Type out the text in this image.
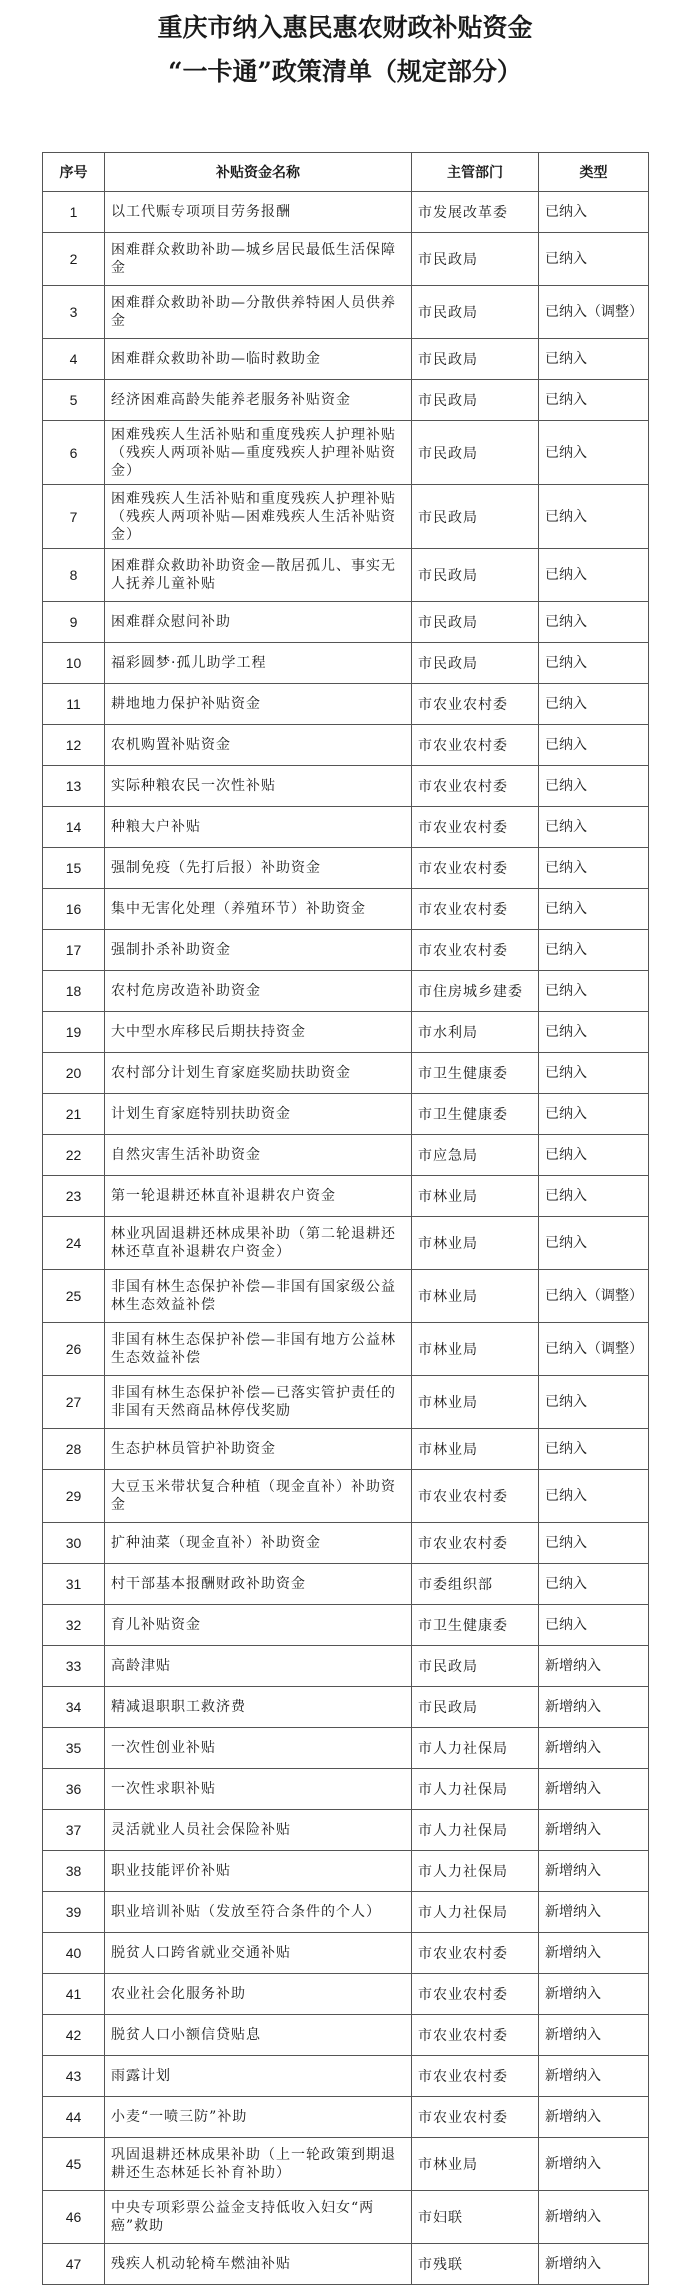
重庆市纳入惠民惠农财政补贴资金
“一卡通”政策清单（规定部分）
序号	补贴资金名称	主管部门	类型
1	以工代赈专项项目劳务报酬	市发展改革委	已纳入
2	困难群众救助补助—城乡居民最低生活保障金	市民政局	已纳入
3	困难群众救助补助—分散供养特困人员供养金	市民政局	已纳入（调整）
4	困难群众救助补助—临时救助金	市民政局	已纳入
5	经济困难高龄失能养老服务补贴资金	市民政局	已纳入
6	困难残疾人生活补贴和重度残疾人护理补贴（残疾人两项补贴—重度残疾人护理补贴资金）	市民政局	已纳入
7	困难残疾人生活补贴和重度残疾人护理补贴（残疾人两项补贴—困难残疾人生活补贴资金）	市民政局	已纳入
8	困难群众救助补助资金—散居孤儿、事实无人抚养儿童补贴	市民政局	已纳入
9	困难群众慰问补助	市民政局	已纳入
10	福彩圆梦·孤儿助学工程	市民政局	已纳入
11	耕地地力保护补贴资金	市农业农村委	已纳入
12	农机购置补贴资金	市农业农村委	已纳入
13	实际种粮农民一次性补贴	市农业农村委	已纳入
14	种粮大户补贴	市农业农村委	已纳入
15	强制免疫（先打后报）补助资金	市农业农村委	已纳入
16	集中无害化处理（养殖环节）补助资金	市农业农村委	已纳入
17	强制扑杀补助资金	市农业农村委	已纳入
18	农村危房改造补助资金	市住房城乡建委	已纳入
19	大中型水库移民后期扶持资金	市水利局	已纳入
20	农村部分计划生育家庭奖励扶助资金	市卫生健康委	已纳入
21	计划生育家庭特别扶助资金	市卫生健康委	已纳入
22	自然灾害生活补助资金	市应急局	已纳入
23	第一轮退耕还林直补退耕农户资金	市林业局	已纳入
24	林业巩固退耕还林成果补助（第二轮退耕还林还草直补退耕农户资金）	市林业局	已纳入
25	非国有林生态保护补偿—非国有国家级公益林生态效益补偿	市林业局	已纳入（调整）
26	非国有林生态保护补偿—非国有地方公益林生态效益补偿	市林业局	已纳入（调整）
27	非国有林生态保护补偿—已落实管护责任的非国有天然商品林停伐奖励	市林业局	已纳入
28	生态护林员管护补助资金	市林业局	已纳入
29	大豆玉米带状复合种植（现金直补）补助资金	市农业农村委	已纳入
30	扩种油菜（现金直补）补助资金	市农业农村委	已纳入
31	村干部基本报酬财政补助资金	市委组织部	已纳入
32	育儿补贴资金	市卫生健康委	已纳入
33	高龄津贴	市民政局	新增纳入
34	精减退职职工救济费	市民政局	新增纳入
35	一次性创业补贴	市人力社保局	新增纳入
36	一次性求职补贴	市人力社保局	新增纳入
37	灵活就业人员社会保险补贴	市人力社保局	新增纳入
38	职业技能评价补贴	市人力社保局	新增纳入
39	职业培训补贴（发放至符合条件的个人）	市人力社保局	新增纳入
40	脱贫人口跨省就业交通补贴	市农业农村委	新增纳入
41	农业社会化服务补助	市农业农村委	新增纳入
42	脱贫人口小额信贷贴息	市农业农村委	新增纳入
43	雨露计划	市农业农村委	新增纳入
44	小麦“一喷三防”补助	市农业农村委	新增纳入
45	巩固退耕还林成果补助（上一轮政策到期退耕还生态林延长补育补助）	市林业局	新增纳入
46	中央专项彩票公益金支持低收入妇女“两癌”救助	市妇联	新增纳入
47	残疾人机动轮椅车燃油补贴	市残联	新增纳入
